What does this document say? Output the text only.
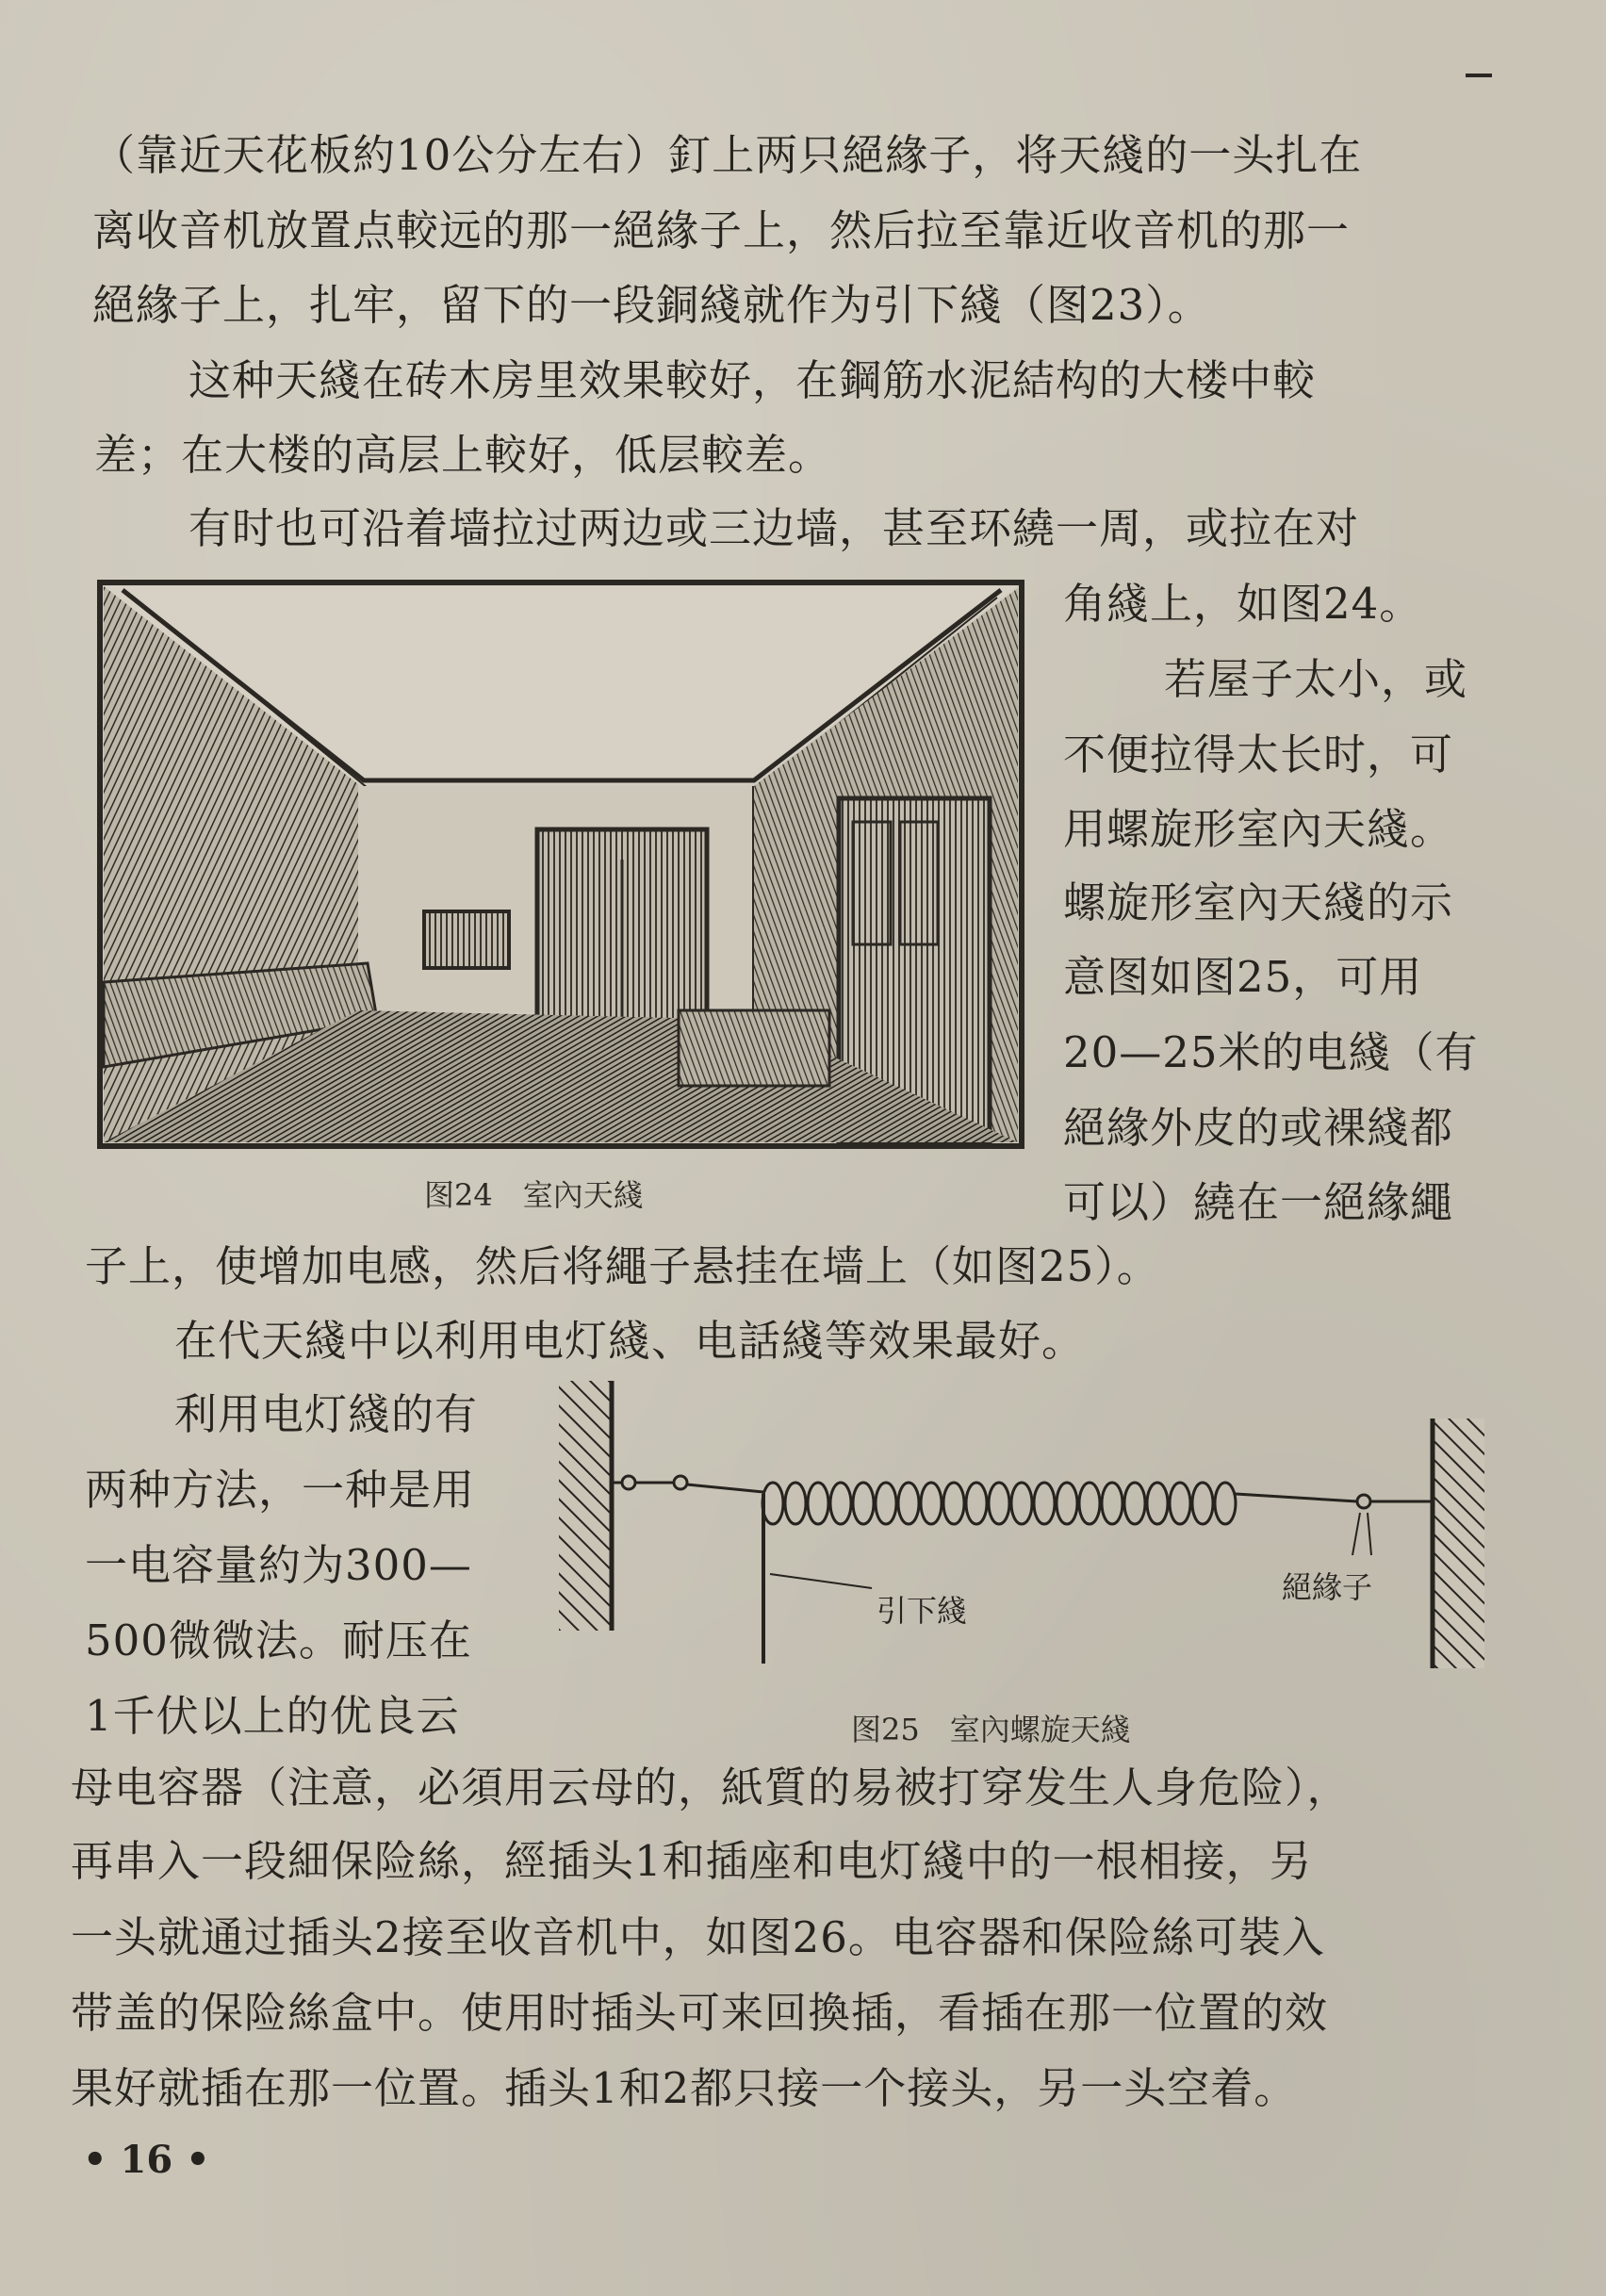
（靠近天花板約10公分左右）釘上两只絕緣子，将天綫的一头扎在
离收音机放置点較远的那一絕緣子上，然后拉至靠近收音机的那一
絕緣子上，扎牢，留下的一段銅綫就作为引下綫（图23）。
这种天綫在砖木房里效果較好，在鋼筋水泥結构的大楼中較
差；在大楼的高层上較好，低层較差。
有时也可沿着墙拉过两边或三边墙，甚至环繞一周，或拉在对
角綫上，如图24。
若屋子太小，或
不便拉得太长时，可
用螺旋形室內天綫。
螺旋形室內天綫的示
意图如图25，可用
20—25米的电綫（有
絕緣外皮的或裸綫都
可以）繞在一絕緣繩
图24　室內天綫
子上，使增加电感，然后将繩子悬挂在墙上（如图25）。
在代天綫中以利用电灯綫、电話綫等效果最好。
利用电灯綫的有
两种方法，一种是用
一电容量約为300—
500微微法。耐压在
1千伏以上的优良云
引下綫
絕緣子
图25　室內螺旋天綫
母电容器（注意，必須用云母的，紙質的易被打穿发生人身危险），
再串入一段細保险絲，經插头1和插座和电灯綫中的一根相接，另
一头就通过插头2接至收音机中，如图26。电容器和保险絲可裝入
带盖的保险絲盒中。使用时插头可来回換插，看插在那一位置的效
果好就插在那一位置。插头1和2都只接一个接头，另一头空着。
• 16 •
